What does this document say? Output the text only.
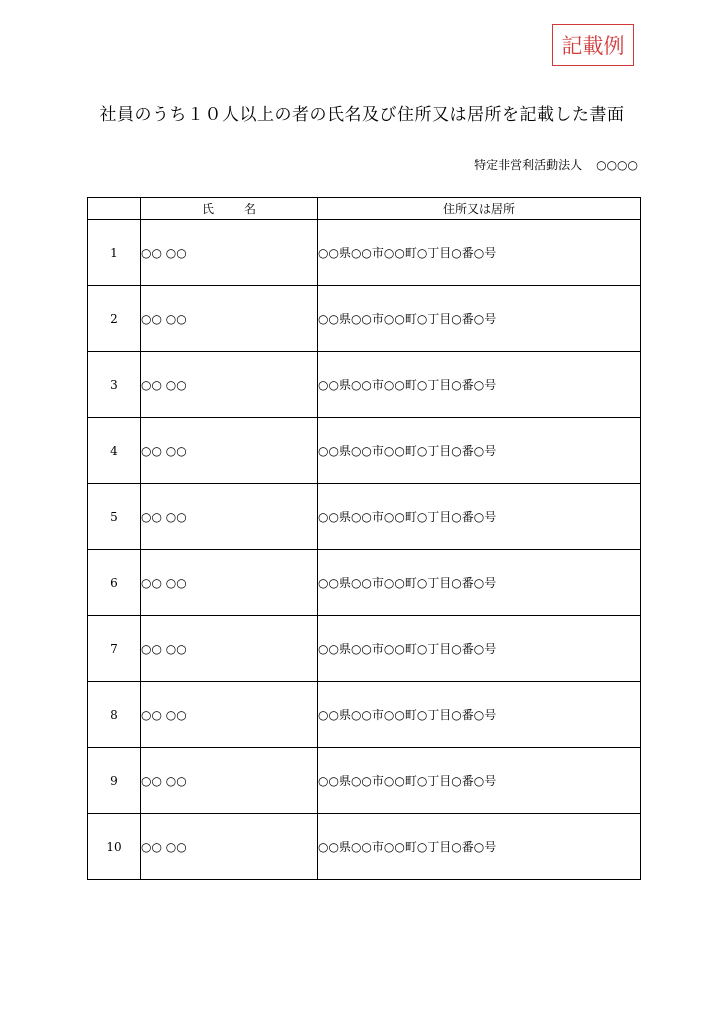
記載例
社員のうち１０人以上の者の氏名及び住所又は居所を記載した書面
特定非営利活動法人 ○○○○
	氏名	住所又は居所
1	○○ ○○	○○県○○市○○町○丁目○番○号
2	○○ ○○	○○県○○市○○町○丁目○番○号
3	○○ ○○	○○県○○市○○町○丁目○番○号
4	○○ ○○	○○県○○市○○町○丁目○番○号
5	○○ ○○	○○県○○市○○町○丁目○番○号
6	○○ ○○	○○県○○市○○町○丁目○番○号
7	○○ ○○	○○県○○市○○町○丁目○番○号
8	○○ ○○	○○県○○市○○町○丁目○番○号
9	○○ ○○	○○県○○市○○町○丁目○番○号
10	○○ ○○	○○県○○市○○町○丁目○番○号
